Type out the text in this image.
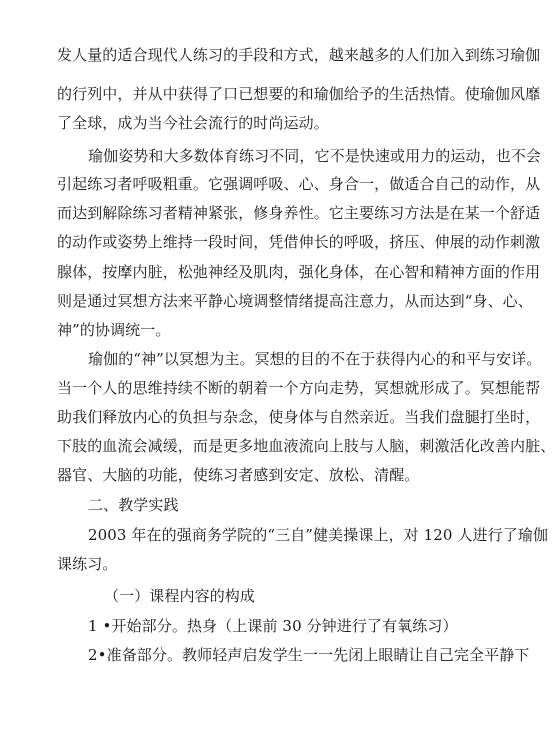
发人量的适合现代人练习的手段和方式，越来越多的人们加入到练习瑜伽
的行列中，并从中获得了口已想要的和瑜伽给予的生活热情。使瑜伽风靡
了全球，成为当今社会流行的时尚运动。
瑜伽姿势和大多数体育练习不同，它不是快速或用力的运动，也不会
引起练习者呼吸粗重。它强调呼吸、心、身合一，做适合自己的动作，从
而达到解除练习者精神紧张，修身养性。它主要练习方法是在某一个舒适
的动作或姿势上维持一段时间，凭借伸长的呼吸，挤压、伸展的动作刺激
腺体，按摩内脏，松弛神经及肌肉，强化身体，在心智和精神方面的作用
则是通过冥想方法来平静心境调整情绪提高注意力，从而达到“身、心、
神”的协调统一。
瑜伽的“神”以冥想为主。冥想的目的不在于获得内心的和平与安详。
当一个人的思维持续不断的朝着一个方向走势，冥想就形成了。冥想能帮
助我们释放内心的负担与杂念，使身体与自然亲近。当我们盘腿打坐时，
下肢的血流会减缓，而是更多地血液流向上肢与人脑，刺激活化改善内脏、
器官、大脑的功能，使练习者感到安定、放松、清醒。
二、教学实践
2003 年在的强商务学院的“三自”健美操课上，对 120 人进行了瑜伽
课练习。
（一）课程内容的构成
1 •开始部分。热身（上课前 30 分钟进行了有氧练习）
2•准备部分。教师轻声启发学生一一先闭上眼睛让自己完全平静下
